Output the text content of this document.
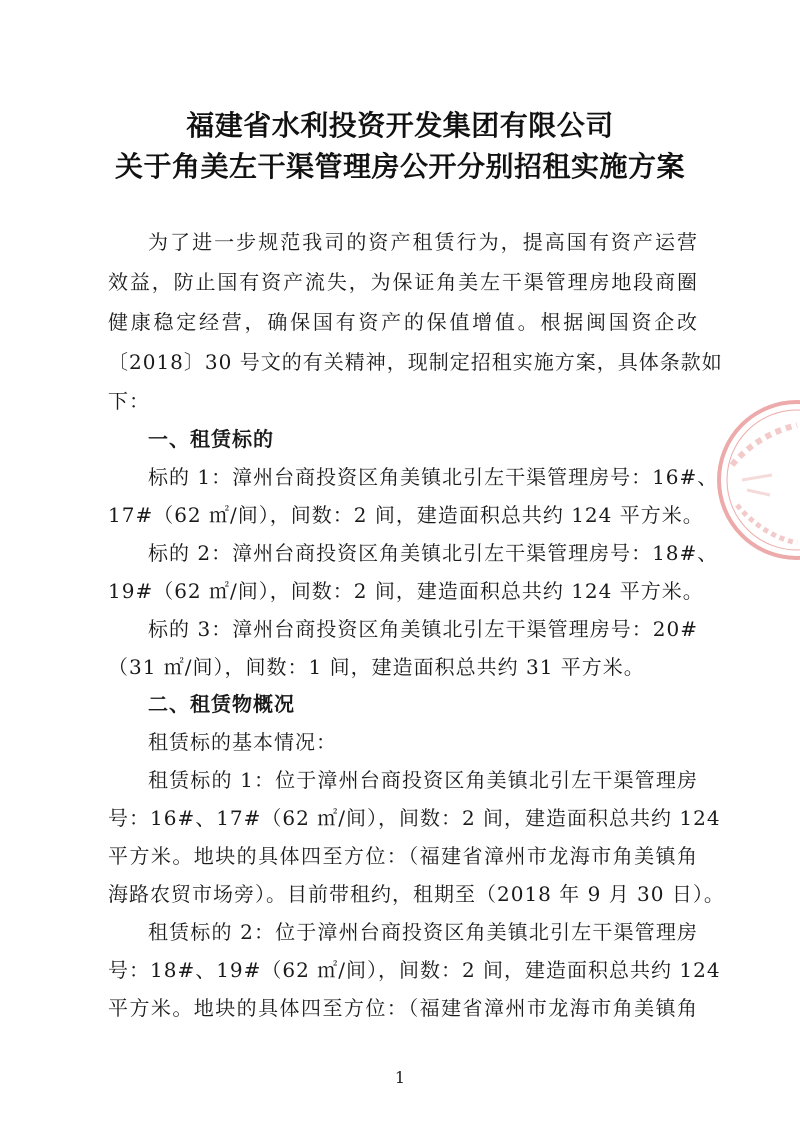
福建省水利投资开发集团有限公司
关于角美左干渠管理房公开分别招租实施方案
为了进一步规范我司的资产租赁行为，提高国有资产运营
效益，防止国有资产流失，为保证角美左干渠管理房地段商圈
健康稳定经营，确保国有资产的保值增值。根据闽国资企改
〔2018〕30 号文的有关精神，现制定招租实施方案，具体条款如
下：
一、租赁标的
标的 1：漳州台商投资区角美镇北引左干渠管理房号：16#、
17#（62 ㎡/间），间数：2 间，建造面积总共约 124 平方米。
标的 2：漳州台商投资区角美镇北引左干渠管理房号：18#、
19#（62 ㎡/间），间数：2 间，建造面积总共约 124 平方米。
标的 3：漳州台商投资区角美镇北引左干渠管理房号：20#
（31 ㎡/间），间数：1 间，建造面积总共约 31 平方米。
二、租赁物概况
租赁标的基本情况：
租赁标的 1：位于漳州台商投资区角美镇北引左干渠管理房
号：16#、17#（62 ㎡/间），间数：2 间，建造面积总共约 124
平方米。地块的具体四至方位：（福建省漳州市龙海市角美镇角
海路农贸市场旁）。目前带租约，租期至（2018 年 9 月 30 日）。
租赁标的 2：位于漳州台商投资区角美镇北引左干渠管理房
号：18#、19#（62 ㎡/间），间数：2 间，建造面积总共约 124
平方米。地块的具体四至方位：（福建省漳州市龙海市角美镇角
1
